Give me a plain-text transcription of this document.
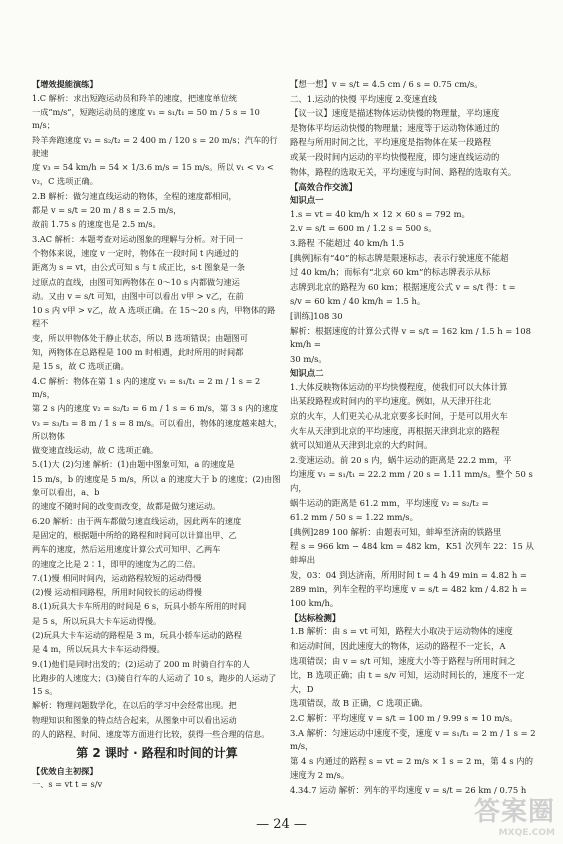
【增效提能演练】
1.C 解析：求出短跑运动员和羚羊的速度，把速度单位统
一成“m/s”，短跑运动员的速度 v₁ = s₁/t₁ = 50 m / 5 s = 10 m/s；
羚羊奔跑速度 v₂ = s₂/t₂ = 2 400 m / 120 s = 20 m/s；汽车的行驶速
度 v₃ = 54 km/h = 54 × 1/3.6 m/s = 15 m/s。所以 v₁ < v₃ <
v₂，C 选项正确。
2.B 解析：做匀速直线运动的物体，全程的速度都相同，
都是 v = s/t = 20 m / 8 s = 2.5 m/s，
故前 1.75 s 的速度也是 2.5 m/s。
3.AC 解析：本题考查对运动图象的理解与分析。对于同一
个物体来说，速度 v 一定时，物体在一段时间 t 内通过的
距离为 s = vt，由公式可知 s 与 t 成正比，s-t 图象是一条
过原点的直线，由图可知两物体在 0～10 s 内都做匀速运
动。又由 v = s/t 可知，由图中可以看出 v甲 > v乙，在前
10 s 内 v甲 > v乙，故 A 选项正确。在 15～20 s 内，甲物体的路程不
变，所以甲物体处于静止状态，所以 B 选项错误；由题图可
知，两物体在总路程是 100 m 时相遇，此时所用的时间都
是 15 s，故 C 选项正确。
4.C 解析：物体在第 1 s 内的速度 v₁ = s₁/t₁ = 2 m / 1 s = 2 m/s，
第 2 s 内的速度 v₂ = s₂/t₂ = 6 m / 1 s = 6 m/s，第 3 s 内的速度
v₃ = s₃/t₃ = 8 m / 1 s = 8 m/s。可以看出，物体的速度越来越大，所以物体
做变速直线运动，故 C 选项正确。
5.(1)大 (2)匀速 解析：(1)由题中图象可知，a 的速度是
15 m/s，b 的速度是 5 m/s，所以 a 的速度大于 b 的速度；(2)由图象可以看出，a、b
的速度不随时间的改变而改变，故都是做匀速运动。
6.20 解析：由于两车都做匀速直线运动，因此两车的速度
是固定的，根据题中所给的路程和时间可以计算出甲、乙
两车的速度，然后运用速度计算公式可知甲、乙两车
的速度之比是 2∶1，即甲的速度为乙的二倍。
7.(1)慢 相同时间内，运动路程较短的运动得慢
(2)慢 运动相同路程，所用时间较长的运动得慢
8.(1)玩具大卡车所用的时间是 6 s，玩具小轿车所用的时间
是 5 s，所以玩具大卡车运动得慢。
(2)玩具大卡车运动的路程是 3 m，玩具小轿车运动的路程
是 4 m，所以玩具大卡车运动得慢。
9.(1)他们是同时出发的；(2)运动了 200 m 时骑自行车的人
比跑步的人速度大；(3)骑自行车的人运动了 10 s，跑步的人运动了 15 s。
解析：物理问题数学化，在以后的学习中会经常出现。把
物理知识和图象的特点结合起来，从图象中可以看出运动
的人的路程、时间、速度等方面进行比较，获得一些合理的信息。
第 2 课时 · 路程和时间的计算
【优效自主初探】
一、s = vt t = s/v
【想一想】v = s/t = 4.5 cm / 6 s = 0.75 cm/s。
二、1.运动的快慢 平均速度 2.变速直线
【议一议】速度是描述物体运动快慢的物理量，平均速度
是物体平均运动快慢的物理量；速度等于运动物体通过的
路程与所用时间之比，平均速度是指物体在某一段路程
或某一段时间内运动的平均快慢程度，即匀速直线运动的
物体，路程的选取无关，平均速度与时间、路程的选取有关。
【高效合作交流】
知识点一
1.s = vt = 40 km/h × 12 × 60 s = 792 m。
2.v = s/t = 600 m / 1.2 s = 500 s。
3.路程 不能超过 40 km/h 1.5
[典例]标有“40”的标志牌是限速标志，表示行驶速度不能超
过 40 km/h；而标有“北京 60 km”的标志牌表示从标
志牌到北京的路程为 60 km；根据速度公式 v = s/t 得：t =
s/v = 60 km / 40 km/h = 1.5 h。
[训练]108 30
解析：根据速度的计算公式得 v = s/t = 162 km / 1.5 h = 108 km/h =
30 m/s。
知识点二
1.大体反映物体运动的平均快慢程度，使我们可以大体计算
出某段路程或时间内的平均速度。例如，从天津开往北
京的火车，人们更关心从北京要多长时间，于是可以用火车
火车从天津到北京的平均速度，再根据天津到北京的路程
就可以知道从天津到北京的大约时间。
2.变速运动。前 20 s 内，蜗牛运动的距离是 22.2 mm，平
均速度 v₁ = s₁/t₁ = 22.2 mm / 20 s = 1.11 mm/s。整个 50 s 内，
蜗牛运动的距离是 61.2 mm，平均速度 v₂ = s₂/t₂ =
61.2 mm / 50 s = 1.22 mm/s。
[典例]289 100 解析：由题表可知，蚌埠至济南的铁路里
程 s = 966 km − 484 km = 482 km，K51 次列车 22：15 从蚌埠出
发，03：04 到达济南，所用时间 t = 4 h 49 min = 4.82 h =
289 min，列车全程的平均速度 v = s/t = 482 km / 4.82 h = 100 km/h。
【达标检测】
1.B 解析：由 s = vt 可知，路程大小取决于运动物体的速度
和运动时间，因此速度大的物体，运动的路程不一定长，A
选项错误；由 v = s/t 可知，速度大小等于路程与所用时间之
比，B 选项正确；由 t = s/v 可知，运动时间长的，速度不一定大，D
选项错误，故 B 正确，C 选项正确。
2.C 解析：平均速度 v = s/t = 100 m / 9.99 s ≈ 10 m/s。
3.A 解析：匀速运动中速度不变，速度 v = s₁/t₁ = 2 m / 1 s = 2 m/s，
第 4 s 内通过的路程 s = vt = 2 m/s × 1 s = 2 m，第 4 s 内的
速度为 2 m/s。
4.34.7 运动 解析：列车的平均速度 v = s/t = 26 km / 0.75 h
— 24 —	答案圈
MXQE.COM
